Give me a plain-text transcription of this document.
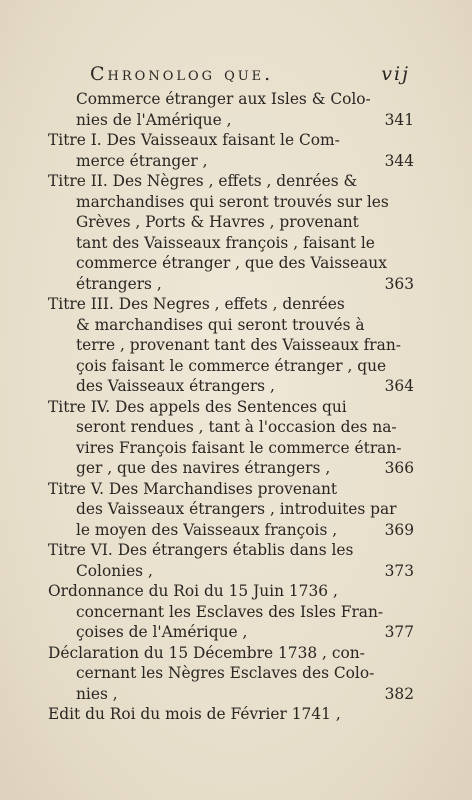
Chronolog que.	vij
Commerce étranger aux Isles & Colo-
nies de l'Amérique ,	341
Titre I. Des Vaisseaux faisant le Com-
merce étranger ,	344
Titre II. Des Nègres , effets , denrées &
marchandises qui seront trouvés sur les
Grèves , Ports & Havres , provenant
tant des Vaisseaux françois , faisant le
commerce étranger , que des Vaisseaux
étrangers ,	363
Titre III. Des Negres , effets , denrées
& marchandises qui seront trouvés à
terre , provenant tant des Vaisseaux fran-
çois faisant le commerce étranger , que
des Vaisseaux étrangers ,	364
Titre IV. Des appels des Sentences qui
seront rendues , tant à l'occasion des na-
vires François faisant le commerce étran-
ger , que des navires étrangers ,	366
Titre V. Des Marchandises provenant
des Vaisseaux étrangers , introduites par
le moyen des Vaisseaux françois ,	369
Titre VI. Des étrangers établis dans les
Colonies ,	373
Ordonnance du Roi du 15 Juin 1736 ,
concernant les Esclaves des Isles Fran-
çoises de l'Amérique ,	377
Déclaration du 15 Décembre 1738 , con-
cernant les Nègres Esclaves des Colo-
nies ,	382
Edit du Roi du mois de Février 1741 ,
